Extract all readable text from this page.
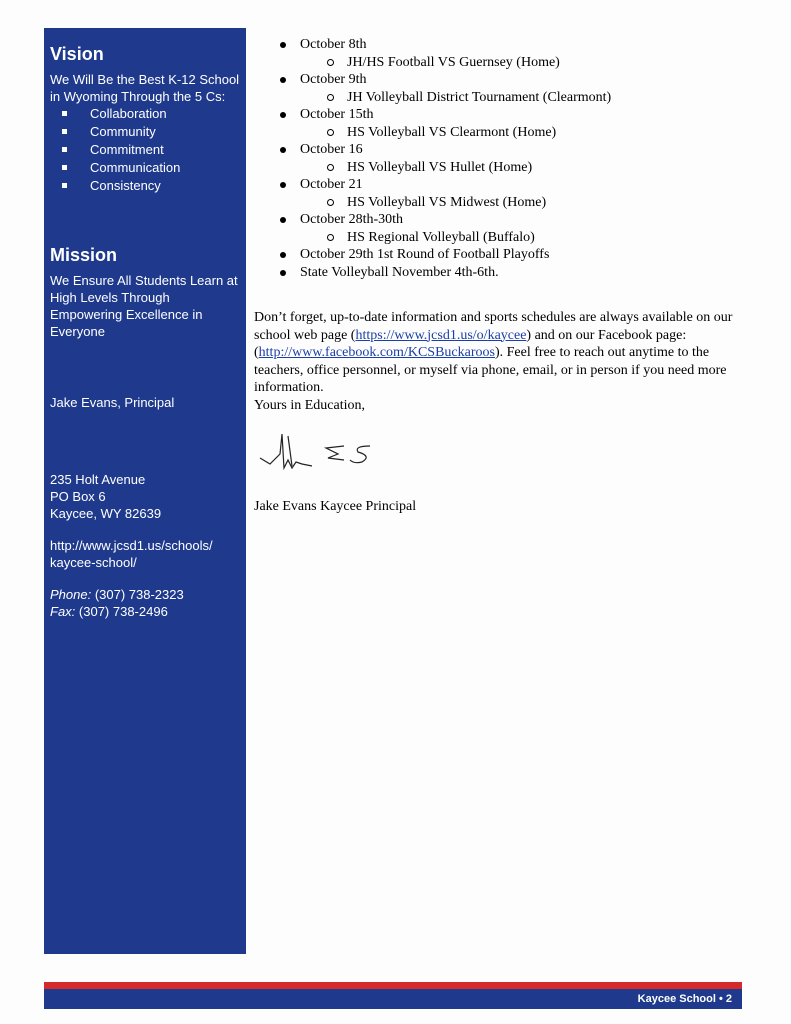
Vision
We Will Be the Best K-12 School in Wyoming Through the 5 Cs:
Collaboration
Community
Commitment
Communication
Consistency
Mission
We Ensure All Students Learn at High Levels Through Empowering Excellence in Everyone
Jake Evans, Principal
235 Holt Avenue
PO Box 6
Kaycee, WY 82639
http://www.jcsd1.us/schools/
kaycee-school/
Phone: (307) 738-2323
Fax: (307) 738-2496
October 8th
JH/HS Football VS Guernsey (Home)
October 9th
JH Volleyball District Tournament (Clearmont)
October 15th
HS Volleyball VS Clearmont (Home)
October 16
HS Volleyball VS Hullet (Home)
October 21
HS Volleyball VS Midwest (Home)
October 28th-30th
HS Regional Volleyball (Buffalo)
October 29th 1st Round of Football Playoffs
State Volleyball November 4th-6th.
Don’t forget, up-to-date information and sports schedules are always available on our school web page (https://www.jcsd1.us/o/kaycee) and on our Facebook page: (http://www.facebook.com/KCSBuckaroos). Feel free to reach out anytime to the teachers, office personnel, or myself via phone, email, or in person if you need more information.
Yours in Education,
Jake Evans Kaycee Principal
Kaycee School • 2
